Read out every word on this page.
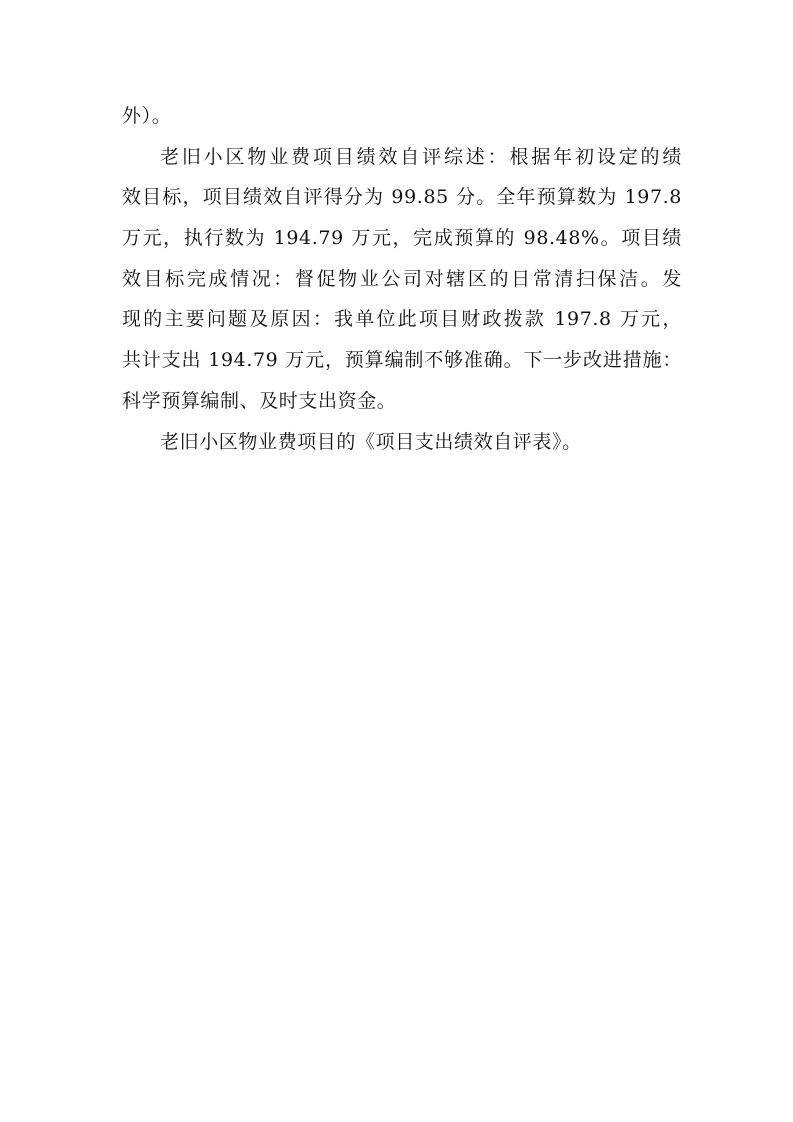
外）。
老旧小区物业费项目绩效自评综述：根据年初设定的绩
效目标，项目绩效自评得分为 99.85 分。全年预算数为 197.8
万元，执行数为 194.79 万元，完成预算的 98.48%。项目绩
效目标完成情况：督促物业公司对辖区的日常清扫保洁。发
现的主要问题及原因：我单位此项目财政拨款 197.8 万元，
共计支出 194.79 万元，预算编制不够准确。下一步改进措施：
科学预算编制、及时支出资金。
老旧小区物业费项目的《项目支出绩效自评表》。
